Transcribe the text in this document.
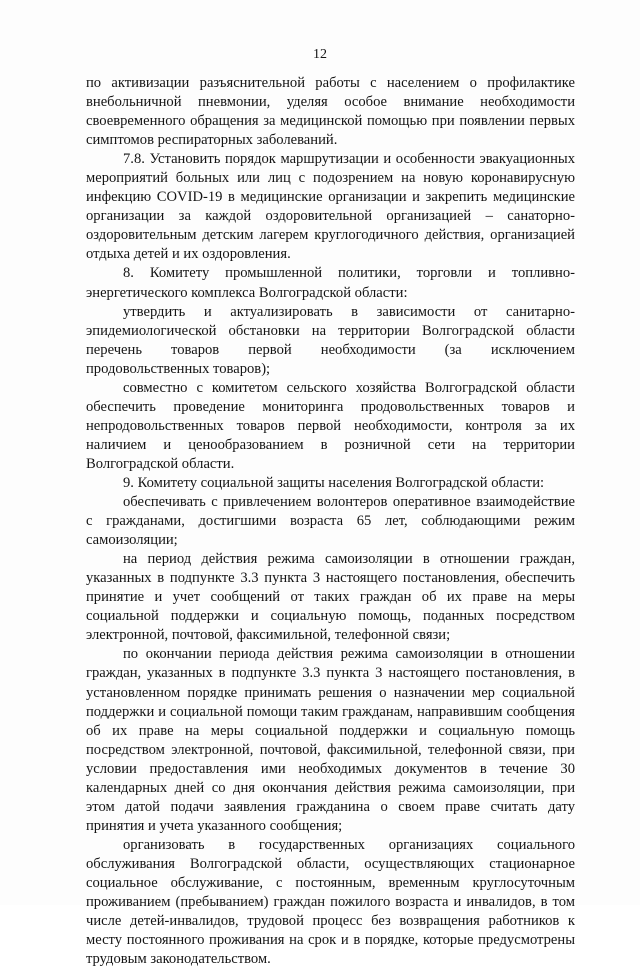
12

по активизации разъяснительной работы с населением о профилактике внебольничной пневмонии, уделяя особое внимание необходимости своевременного обращения за медицинской помощью при появлении первых симптомов респираторных заболеваний.

7.8. Установить порядок маршрутизации и особенности эвакуационных мероприятий больных или лиц с подозрением на новую коронавирусную инфекцию COVID-19 в медицинские организации и закрепить медицинские организации за каждой оздоровительной организацией – санаторно-оздоровительным детским лагерем круглогодичного действия, организацией отдыха детей и их оздоровления.

8. Комитету промышленной политики, торговли и топливно-энергетического комплекса Волгоградской области:

утвердить и актуализировать в зависимости от санитарно-эпидемиологической обстановки на территории Волгоградской области перечень товаров первой необходимости (за исключением продовольственных товаров);

совместно с комитетом сельского хозяйства Волгоградской области обеспечить проведение мониторинга продовольственных товаров и непродовольственных товаров первой необходимости, контроля за их наличием и ценообразованием в розничной сети на территории Волгоградской области.

9. Комитету социальной защиты населения Волгоградской области:

обеспечивать с привлечением волонтеров оперативное взаимодействие с гражданами, достигшими возраста 65 лет, соблюдающими режим самоизоляции;

на период действия режима самоизоляции в отношении граждан, указанных в подпункте 3.3 пункта 3 настоящего постановления, обеспечить принятие и учет сообщений от таких граждан об их праве на меры социальной поддержки и социальную помощь, поданных посредством электронной, почтовой, факсимильной, телефонной связи;

по окончании периода действия режима самоизоляции в отношении граждан, указанных в подпункте 3.3 пункта 3 настоящего постановления, в установленном порядке принимать решения о назначении мер социальной поддержки и социальной помощи таким гражданам, направившим сообщения об их праве на меры социальной поддержки и социальную помощь посредством электронной, почтовой, факсимильной, телефонной связи, при условии предоставления ими необходимых документов в течение 30 календарных дней со дня окончания действия режима самоизоляции, при этом датой подачи заявления гражданина о своем праве считать дату принятия и учета указанного сообщения;

организовать в государственных организациях социального обслуживания Волгоградской области, осуществляющих стационарное социальное обслуживание, с постоянным, временным круглосуточным проживанием (пребыванием) граждан пожилого возраста и инвалидов, в том числе детей-инвалидов, трудовой процесс без возвращения работников к месту постоянного проживания на срок и в порядке, которые предусмотрены трудовым законодательством.
